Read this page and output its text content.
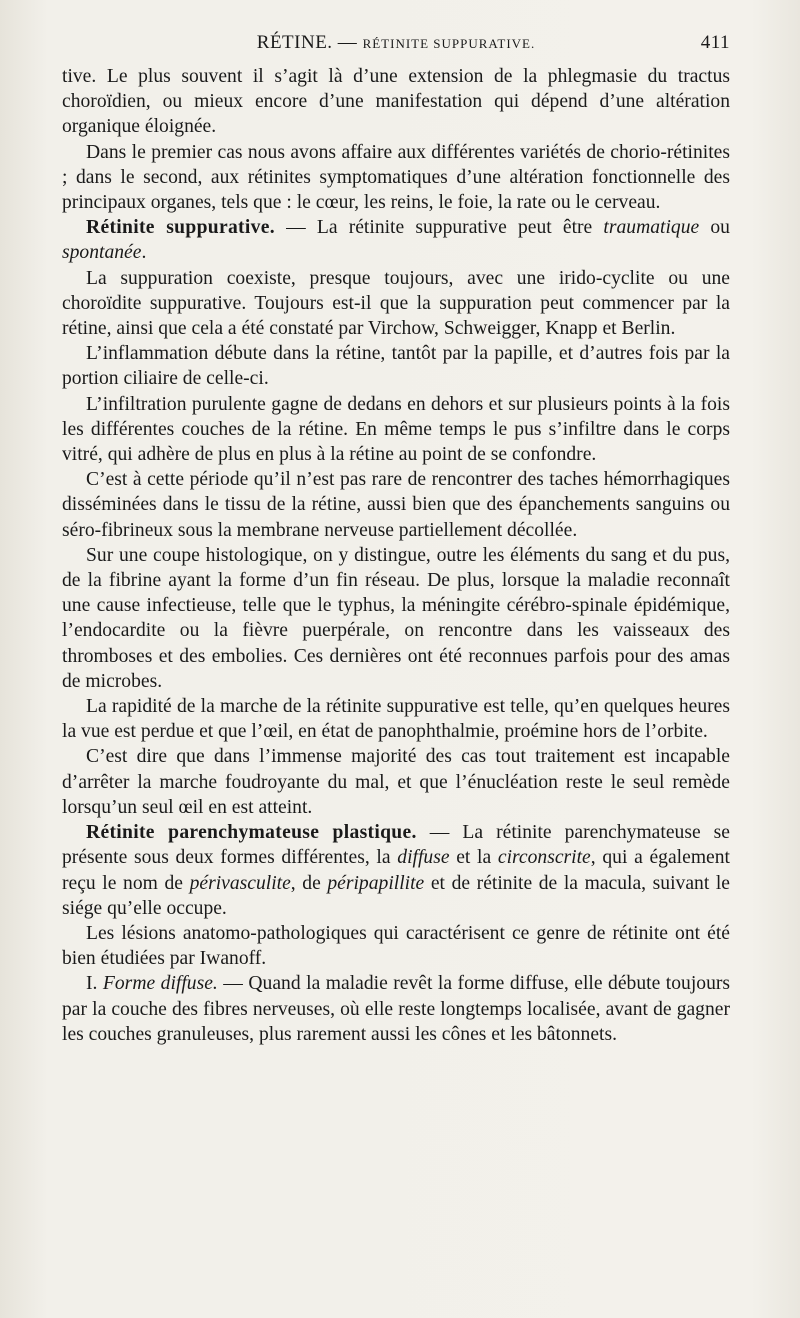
RÉTINE. — RÉTINITE SUPPURATIVE.	411

tive. Le plus souvent il s’agit là d’une extension de la phlegmasie du tractus choroïdien, ou mieux encore d’une manifestation qui dépend d’une altération organique éloignée.

Dans le premier cas nous avons affaire aux différentes variétés de chorio-rétinites ; dans le second, aux rétinites symptomatiques d’une altération fonctionnelle des principaux organes, tels que : le cœur, les reins, le foie, la rate ou le cerveau.

Rétinite suppurative. — La rétinite suppurative peut être traumatique ou spontanée.

La suppuration coexiste, presque toujours, avec une irido-cyclite ou une choroïdite suppurative. Toujours est-il que la suppuration peut commencer par la rétine, ainsi que cela a été constaté par Virchow, Schweigger, Knapp et Berlin.

L’inflammation débute dans la rétine, tantôt par la papille, et d’autres fois par la portion ciliaire de celle-ci.

L’infiltration purulente gagne de dedans en dehors et sur plusieurs points à la fois les différentes couches de la rétine. En même temps le pus s’infiltre dans le corps vitré, qui adhère de plus en plus à la rétine au point de se confondre.

C’est à cette période qu’il n’est pas rare de rencontrer des taches hémorrhagiques disséminées dans le tissu de la rétine, aussi bien que des épanchements sanguins ou séro-fibrineux sous la membrane nerveuse partiellement décollée.

Sur une coupe histologique, on y distingue, outre les éléments du sang et du pus, de la fibrine ayant la forme d’un fin réseau. De plus, lorsque la maladie reconnaît une cause infectieuse, telle que le typhus, la méningite cérébro-spinale épidémique, l’endocardite ou la fièvre puerpérale, on rencontre dans les vaisseaux des thromboses et des embolies. Ces dernières ont été reconnues parfois pour des amas de microbes.

La rapidité de la marche de la rétinite suppurative est telle, qu’en quelques heures la vue est perdue et que l’œil, en état de panophthalmie, proémine hors de l’orbite.

C’est dire que dans l’immense majorité des cas tout traitement est incapable d’arrêter la marche foudroyante du mal, et que l’énucléation reste le seul remède lorsqu’un seul œil en est atteint.

Rétinite parenchymateuse plastique. — La rétinite parenchymateuse se présente sous deux formes différentes, la diffuse et la circonscrite, qui a également reçu le nom de périvasculite, de péripapillite et de rétinite de la macula, suivant le siége qu’elle occupe.

Les lésions anatomo-pathologiques qui caractérisent ce genre de rétinite ont été bien étudiées par Iwanoff.

I. Forme diffuse. — Quand la maladie revêt la forme diffuse, elle débute toujours par la couche des fibres nerveuses, où elle reste longtemps localisée, avant de gagner les couches granuleuses, plus rarement aussi les cônes et les bâtonnets.
